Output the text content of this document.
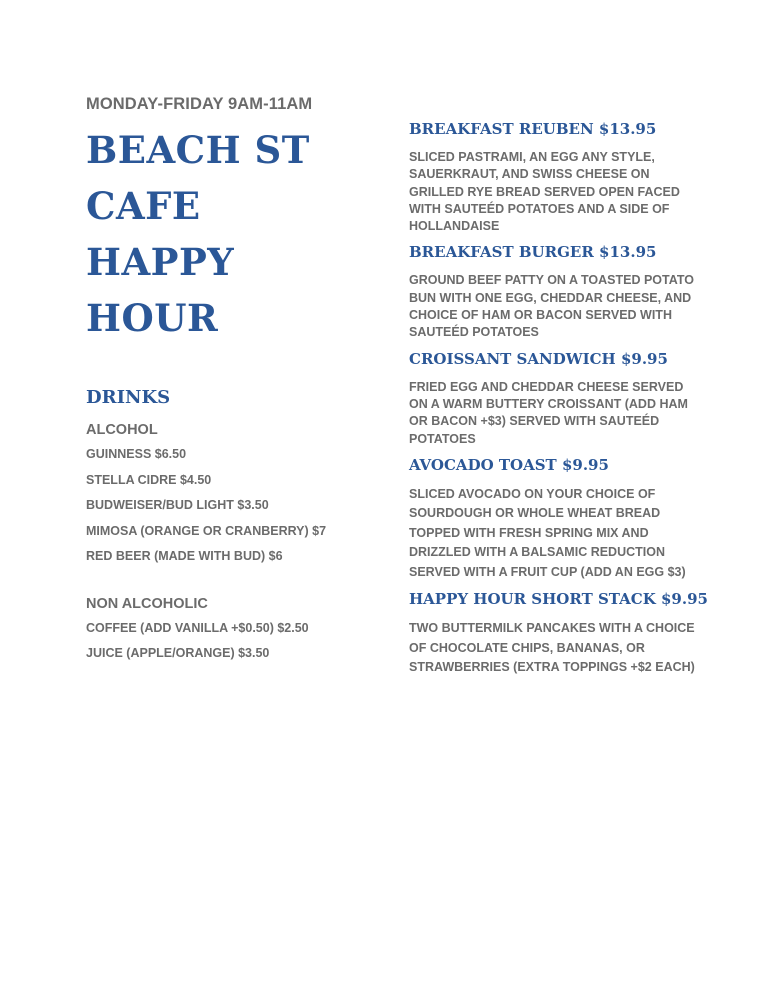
MONDAY-FRIDAY 9AM-11AM
BEACH ST
CAFE
HAPPY
HOUR
DRINKS
ALCOHOL
GUINNESS $6.50
STELLA CIDRE $4.50
BUDWEISER/BUD LIGHT $3.50
MIMOSA (ORANGE OR CRANBERRY) $7
RED BEER (MADE WITH BUD) $6
NON ALCOHOLIC
COFFEE (ADD VANILLA +$0.50) $2.50
JUICE (APPLE/ORANGE) $3.50
BREAKFAST REUBEN $13.95
SLICED PASTRAMI, AN EGG ANY STYLE, SAUERKRAUT, AND SWISS CHEESE ON GRILLED RYE BREAD SERVED OPEN FACED WITH SAUTEÉD POTATOES AND A SIDE OF HOLLANDAISE
BREAKFAST BURGER $13.95
GROUND BEEF PATTY ON A TOASTED POTATO BUN WITH ONE EGG, CHEDDAR CHEESE, AND CHOICE OF HAM OR BACON SERVED WITH SAUTEÉD POTATOES
CROISSANT SANDWICH $9.95
FRIED EGG AND CHEDDAR CHEESE SERVED ON A WARM BUTTERY CROISSANT (ADD HAM OR BACON +$3) SERVED WITH SAUTEÉD POTATOES
AVOCADO TOAST $9.95
SLICED AVOCADO ON YOUR CHOICE OF SOURDOUGH OR WHOLE WHEAT BREAD TOPPED WITH FRESH SPRING MIX AND DRIZZLED WITH A BALSAMIC REDUCTION SERVED WITH A FRUIT CUP (ADD AN EGG $3)
HAPPY HOUR SHORT STACK $9.95
TWO BUTTERMILK PANCAKES WITH A CHOICE OF CHOCOLATE CHIPS, BANANAS, OR STRAWBERRIES (EXTRA TOPPINGS +$2 EACH)
